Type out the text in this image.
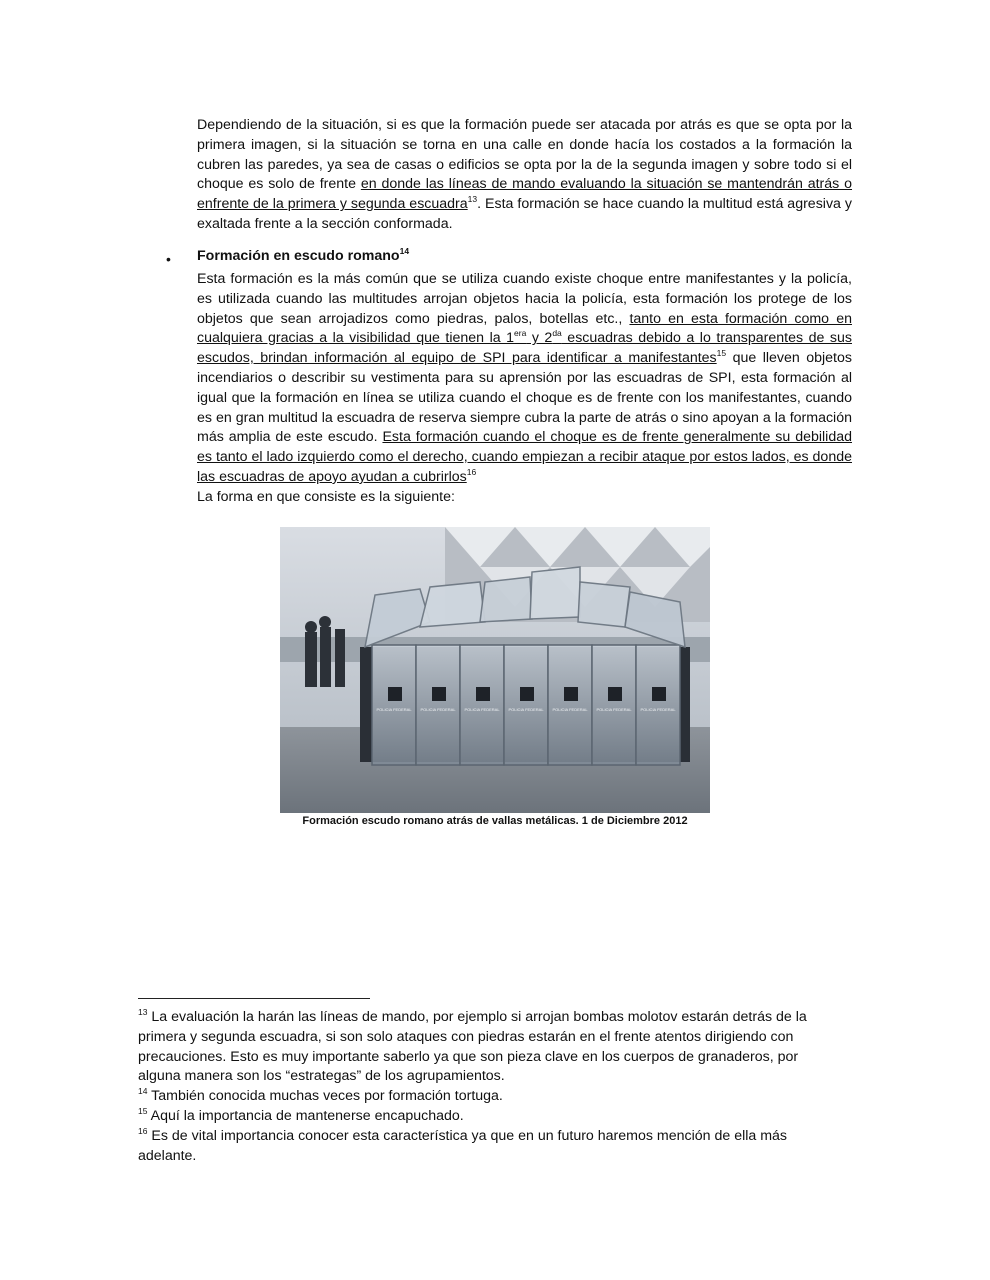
Dependiendo de la situación, si es que la formación puede ser atacada por atrás es que se opta por la primera imagen, si la situación se torna en una calle en donde hacía los costados a la formación la cubren las paredes, ya sea de casas o edificios se opta por la de la segunda imagen y sobre todo si el choque es solo de frente en donde las líneas de mando evaluando la situación se mantendrán atrás o enfrente de la primera y segunda escuadra$^{13}$. Esta formación se hace cuando la multitud está agresiva y exaltada frente a la sección conformada.

• Formación en escudo romano$^{14}$

Esta formación es la más común que se utiliza cuando existe choque entre manifestantes y la policía, es utilizada cuando las multitudes arrojan objetos hacia la policía, esta formación los protege de los objetos que sean arrojadizos como piedras, palos, botellas etc., tanto en esta formación como en cualquiera gracias a la visibilidad que tienen la $1^{era}$ y $2^{da}$ escuadras debido a lo transparentes de sus escudos, brindan información al equipo de SPI para identificar a manifestantes$^{15}$ que lleven objetos incendiarios o describir su vestimenta para su aprensión por las escuadras de SPI, esta formación al igual que la formación en línea se utiliza cuando el choque es de frente con los manifestantes, cuando es en gran multitud la escuadra de reserva siempre cubra la parte de atrás o sino apoyan a la formación más amplia de este escudo. Esta formación cuando el choque es de frente generalmente su debilidad es tanto el lado izquierdo como el derecho, cuando empiezan a recibir ataque por estos lados, es donde las escuadras de apoyo ayudan a cubrirlos$^{16}$
La forma en que consiste es la siguiente:

POLICIA FEDERAL POLICIA FEDERAL POLICIA FEDERAL POLICIA FEDERAL POLICIA FEDERAL POLICIA FEDERAL POLICIA FEDERAL

Formación escudo romano atrás de vallas metálicas. 1 de Diciembre 2012

$^{13}$ La evaluación la harán las líneas de mando, por ejemplo si arrojan bombas molotov estarán detrás de la primera y segunda escuadra, si son solo ataques con piedras estarán en el frente atentos dirigiendo con precauciones. Esto es muy importante saberlo ya que son pieza clave en los cuerpos de granaderos, por alguna manera son los “estrategas” de los agrupamientos.

$^{14}$ También conocida muchas veces por formación tortuga.

$^{15}$ Aquí la importancia de mantenerse encapuchado.

$^{16}$ Es de vital importancia conocer esta característica ya que en un futuro haremos mención de ella más adelante.
